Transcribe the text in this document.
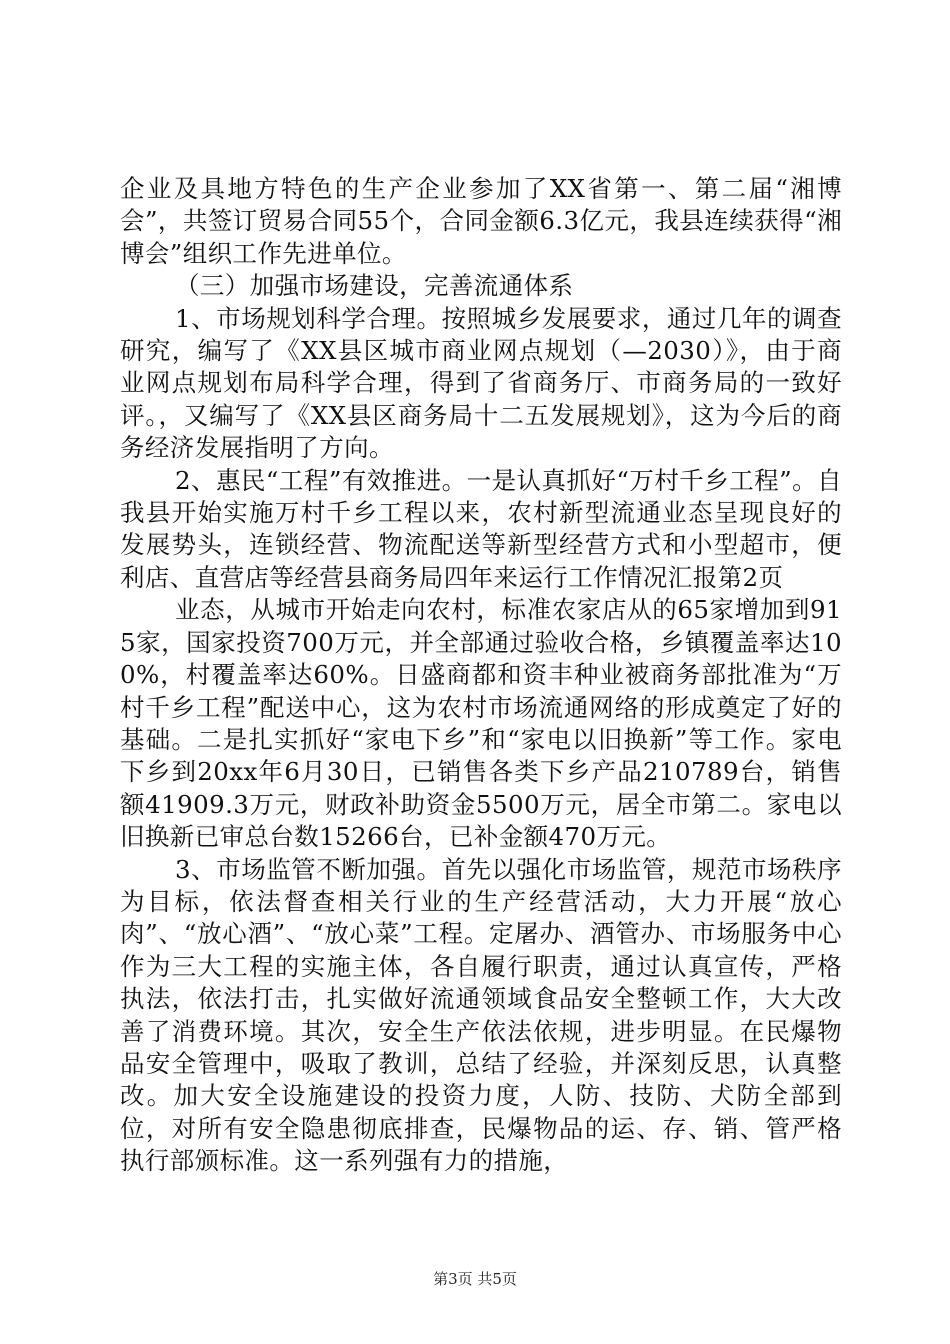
企业及具地方特色的生产企业参加了XX省第一、第二届“湘博会”，共签订贸易合同55个，合同金额6.3亿元，我县连续获得“湘博会”组织工作先进单位。

（三）加强市场建设，完善流通体系

1、市场规划科学合理。按照城乡发展要求，通过几年的调查研究，编写了《XX县区城市商业网点规划（—2030）》，由于商业网点规划布局科学合理，得到了省商务厅、市商务局的一致好评。，又编写了《XX县区商务局十二五发展规划》，这为今后的商务经济发展指明了方向。

2、惠民“工程”有效推进。一是认真抓好“万村千乡工程”。自我县开始实施万村千乡工程以来，农村新型流通业态呈现良好的发展势头，连锁经营、物流配送等新型经营方式和小型超市，便利店、直营店等经营县商务局四年来运行工作情况汇报第2页

业态，从城市开始走向农村，标准农家店从的65家增加到915家，国家投资700万元，并全部通过验收合格，乡镇覆盖率达100%，村覆盖率达60%。日盛商都和资丰种业被商务部批准为“万村千乡工程”配送中心，这为农村市场流通网络的形成奠定了好的基础。二是扎实抓好“家电下乡”和“家电以旧换新”等工作。家电下乡到20xx年6月30日，已销售各类下乡产品210789台，销售额41909.3万元，财政补助资金5500万元，居全市第二。家电以旧换新已审总台数15266台，已补金额470万元。

3、市场监管不断加强。首先以强化市场监管，规范市场秩序为目标，依法督查相关行业的生产经营活动，大力开展“放心肉”、“放心酒”、“放心菜”工程。定屠办、酒管办、市场服务中心作为三大工程的实施主体，各自履行职责，通过认真宣传，严格执法，依法打击，扎实做好流通领域食品安全整顿工作，大大改善了消费环境。其次，安全生产依法依规，进步明显。在民爆物品安全管理中，吸取了教训，总结了经验，并深刻反思，认真整改。加大安全设施建设的投资力度，人防、技防、犬防全部到位，对所有安全隐患彻底排查，民爆物品的运、存、销、管严格执行部颁标准。这一系列强有力的措施，

第3页 共5页
